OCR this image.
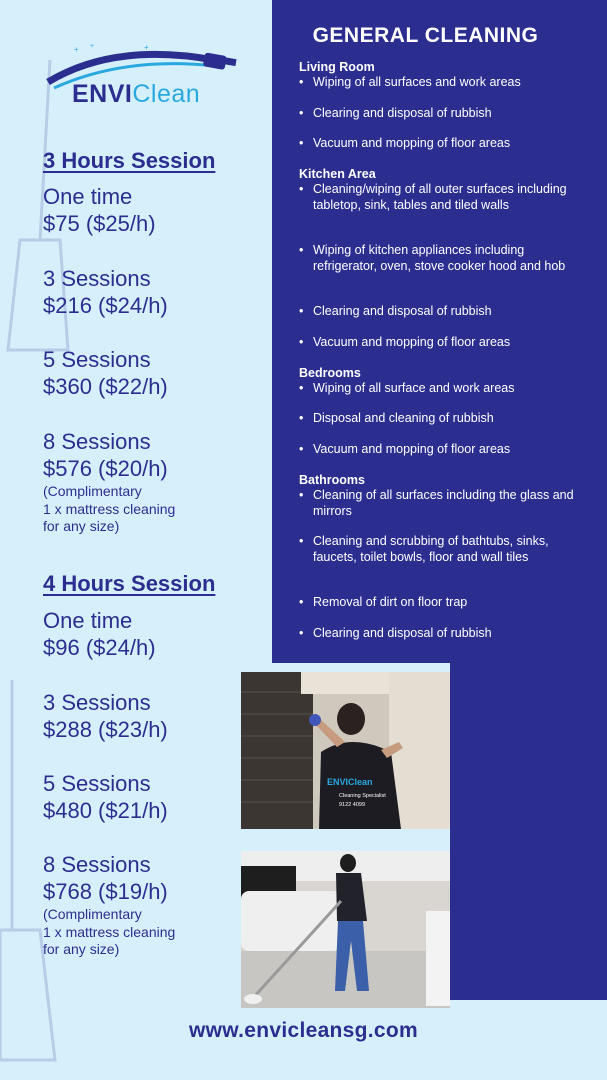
+ +	+
ENVIClean
3 Hours Session
One time
$75 ($25/h)
3 Sessions
$216 ($24/h)
5 Sessions
$360 ($22/h)
8 Sessions
$576 ($20/h)
(Complimentary
1 x mattress cleaning
for any size)
4 Hours Session
One time
$96 ($24/h)
3 Sessions
$288 ($23/h)
5 Sessions
$480 ($21/h)
8 Sessions
$768 ($19/h)
(Complimentary
1 x mattress cleaning
for any size)
GENERAL CLEANING
Living Room
• Wiping of all surfaces and work areas
• Clearing and disposal of rubbish
• Vacuum and mopping of floor areas
Kitchen Area
• Cleaning/wiping of all outer surfaces including tabletop, sink, tables and tiled walls
• Wiping of kitchen appliances including refrigerator, oven, stove cooker hood and hob
• Clearing and disposal of rubbish
• Vacuum and mopping of floor areas
Bedrooms
• Wiping of all surface and work areas
• Disposal and cleaning of rubbish
• Vacuum and mopping of floor areas
Bathrooms
• Cleaning of all surfaces including the glass and mirrors
• Cleaning and scrubbing of bathtubs, sinks, faucets, toilet bowls, floor and wall tiles
• Removal of dirt on floor trap
• Clearing and disposal of rubbish
ENVIClean
Cleaning Specialist
9122 4099
www.envicleansg.com
